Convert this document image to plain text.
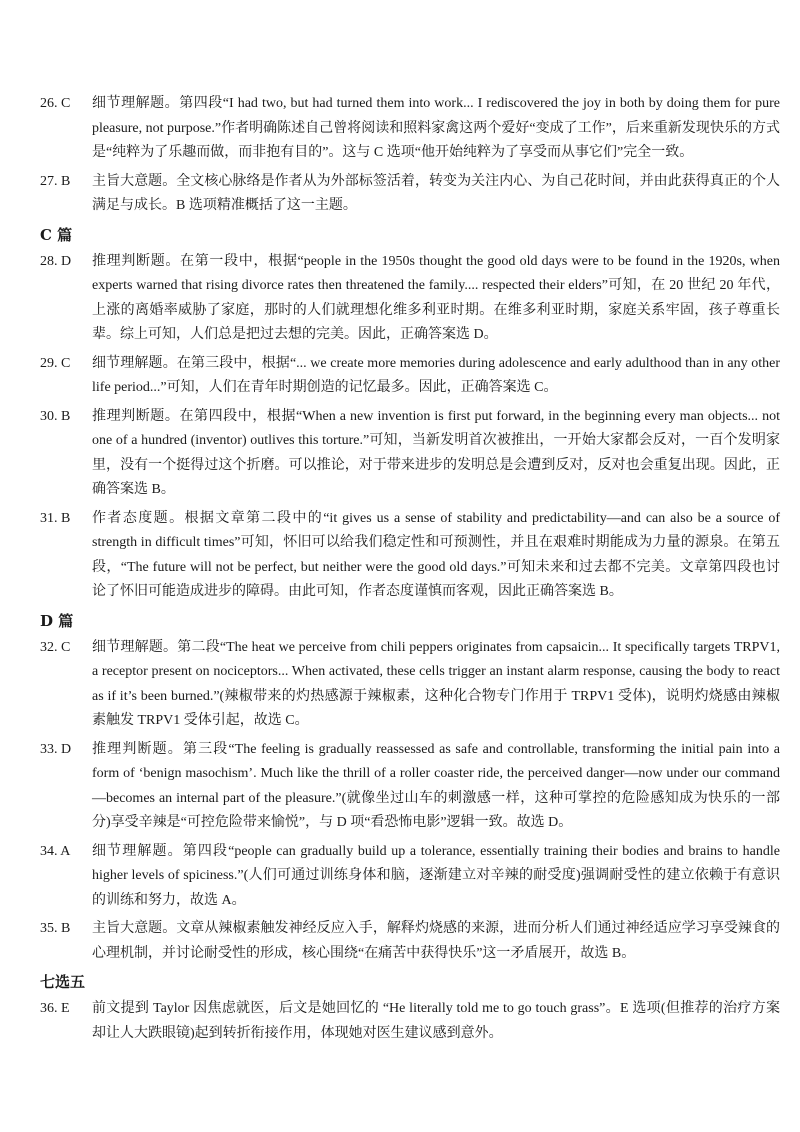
26. C	细节理解题。第四段“I had two, but had turned them into work... I rediscovered the joy in both by doing them for pure pleasure, not purpose.”作者明确陈述自己曾将阅读和照料家禽这两个爱好“变成了工作”，后来重新发现快乐的方式是“纯粹为了乐趣而做，而非抱有目的”。这与 C 选项“他开始纯粹为了享受而从事它们”完全一致。
27. B	主旨大意题。全文核心脉络是作者从为外部标签活着，转变为关注内心、为自己花时间，并由此获得真正的个人满足与成长。B 选项精准概括了这一主题。
C 篇
28. D	推理判断题。在第一段中，根据“people in the 1950s thought the good old days were to be found in the 1920s, when experts warned that rising divorce rates then threatened the family.... respected their elders”可知，在 20 世纪 20 年代，上涨的离婚率威胁了家庭，那时的人们就理想化维多利亚时期。在维多利亚时期，家庭关系牢固，孩子尊重长辈。综上可知，人们总是把过去想的完美。因此，正确答案选 D。
29. C	细节理解题。在第三段中，根据“... we create more memories during adolescence and early adulthood than in any other life period...”可知，人们在青年时期创造的记忆最多。因此，正确答案选 C。
30. B	推理判断题。在第四段中，根据“When a new invention is first put forward, in the beginning every man objects... not one of a hundred (inventor) outlives this torture.”可知，当新发明首次被推出，一开始大家都会反对，一百个发明家里，没有一个挺得过这个折磨。可以推论，对于带来进步的发明总是会遭到反对，反对也会重复出现。因此，正确答案选 B。
31. B	作者态度题。根据文章第二段中的“it gives us a sense of stability and predictability—and can also be a source of strength in difficult times”可知，怀旧可以给我们稳定性和可预测性，并且在艰难时期能成为力量的源泉。在第五段，“The future will not be perfect, but neither were the good old days.”可知未来和过去都不完美。文章第四段也讨论了怀旧可能造成进步的障碍。由此可知，作者态度谨慎而客观，因此正确答案选 B。
D 篇
32. C	细节理解题。第二段“The heat we perceive from chili peppers originates from capsaicin... It specifically targets TRPV1, a receptor present on nociceptors... When activated, these cells trigger an instant alarm response, causing the body to react as if it’s been burned.”(辣椒带来的灼热感源于辣椒素，这种化合物专门作用于 TRPV1 受体)，说明灼烧感由辣椒素触发 TRPV1 受体引起，故选 C。
33. D	推理判断题。第三段“The feeling is gradually reassessed as safe and controllable, transforming the initial pain into a form of ‘benign masochism’. Much like the thrill of a roller coaster ride, the perceived danger—now under our command—becomes an internal part of the pleasure.”(就像坐过山车的刺激感一样，这种可掌控的危险感知成为快乐的一部分)享受辛辣是“可控危险带来愉悦”，与 D 项“看恐怖电影”逻辑一致。故选 D。
34. A	细节理解题。第四段“people can gradually build up a tolerance, essentially training their bodies and brains to handle higher levels of spiciness.”(人们可通过训练身体和脑，逐渐建立对辛辣的耐受度)强调耐受性的建立依赖于有意识的训练和努力，故选 A。
35. B	主旨大意题。文章从辣椒素触发神经反应入手，解释灼烧感的来源，进而分析人们通过神经适应学习享受辣食的心理机制，并讨论耐受性的形成，核心围绕“在痛苦中获得快乐”这一矛盾展开，故选 B。
七选五
36. E	前文提到 Taylor 因焦虑就医，后文是她回忆的 “He literally told me to go touch grass”。E 选项(但推荐的治疗方案却让人大跌眼镜)起到转折衔接作用，体现她对医生建议感到意外。
